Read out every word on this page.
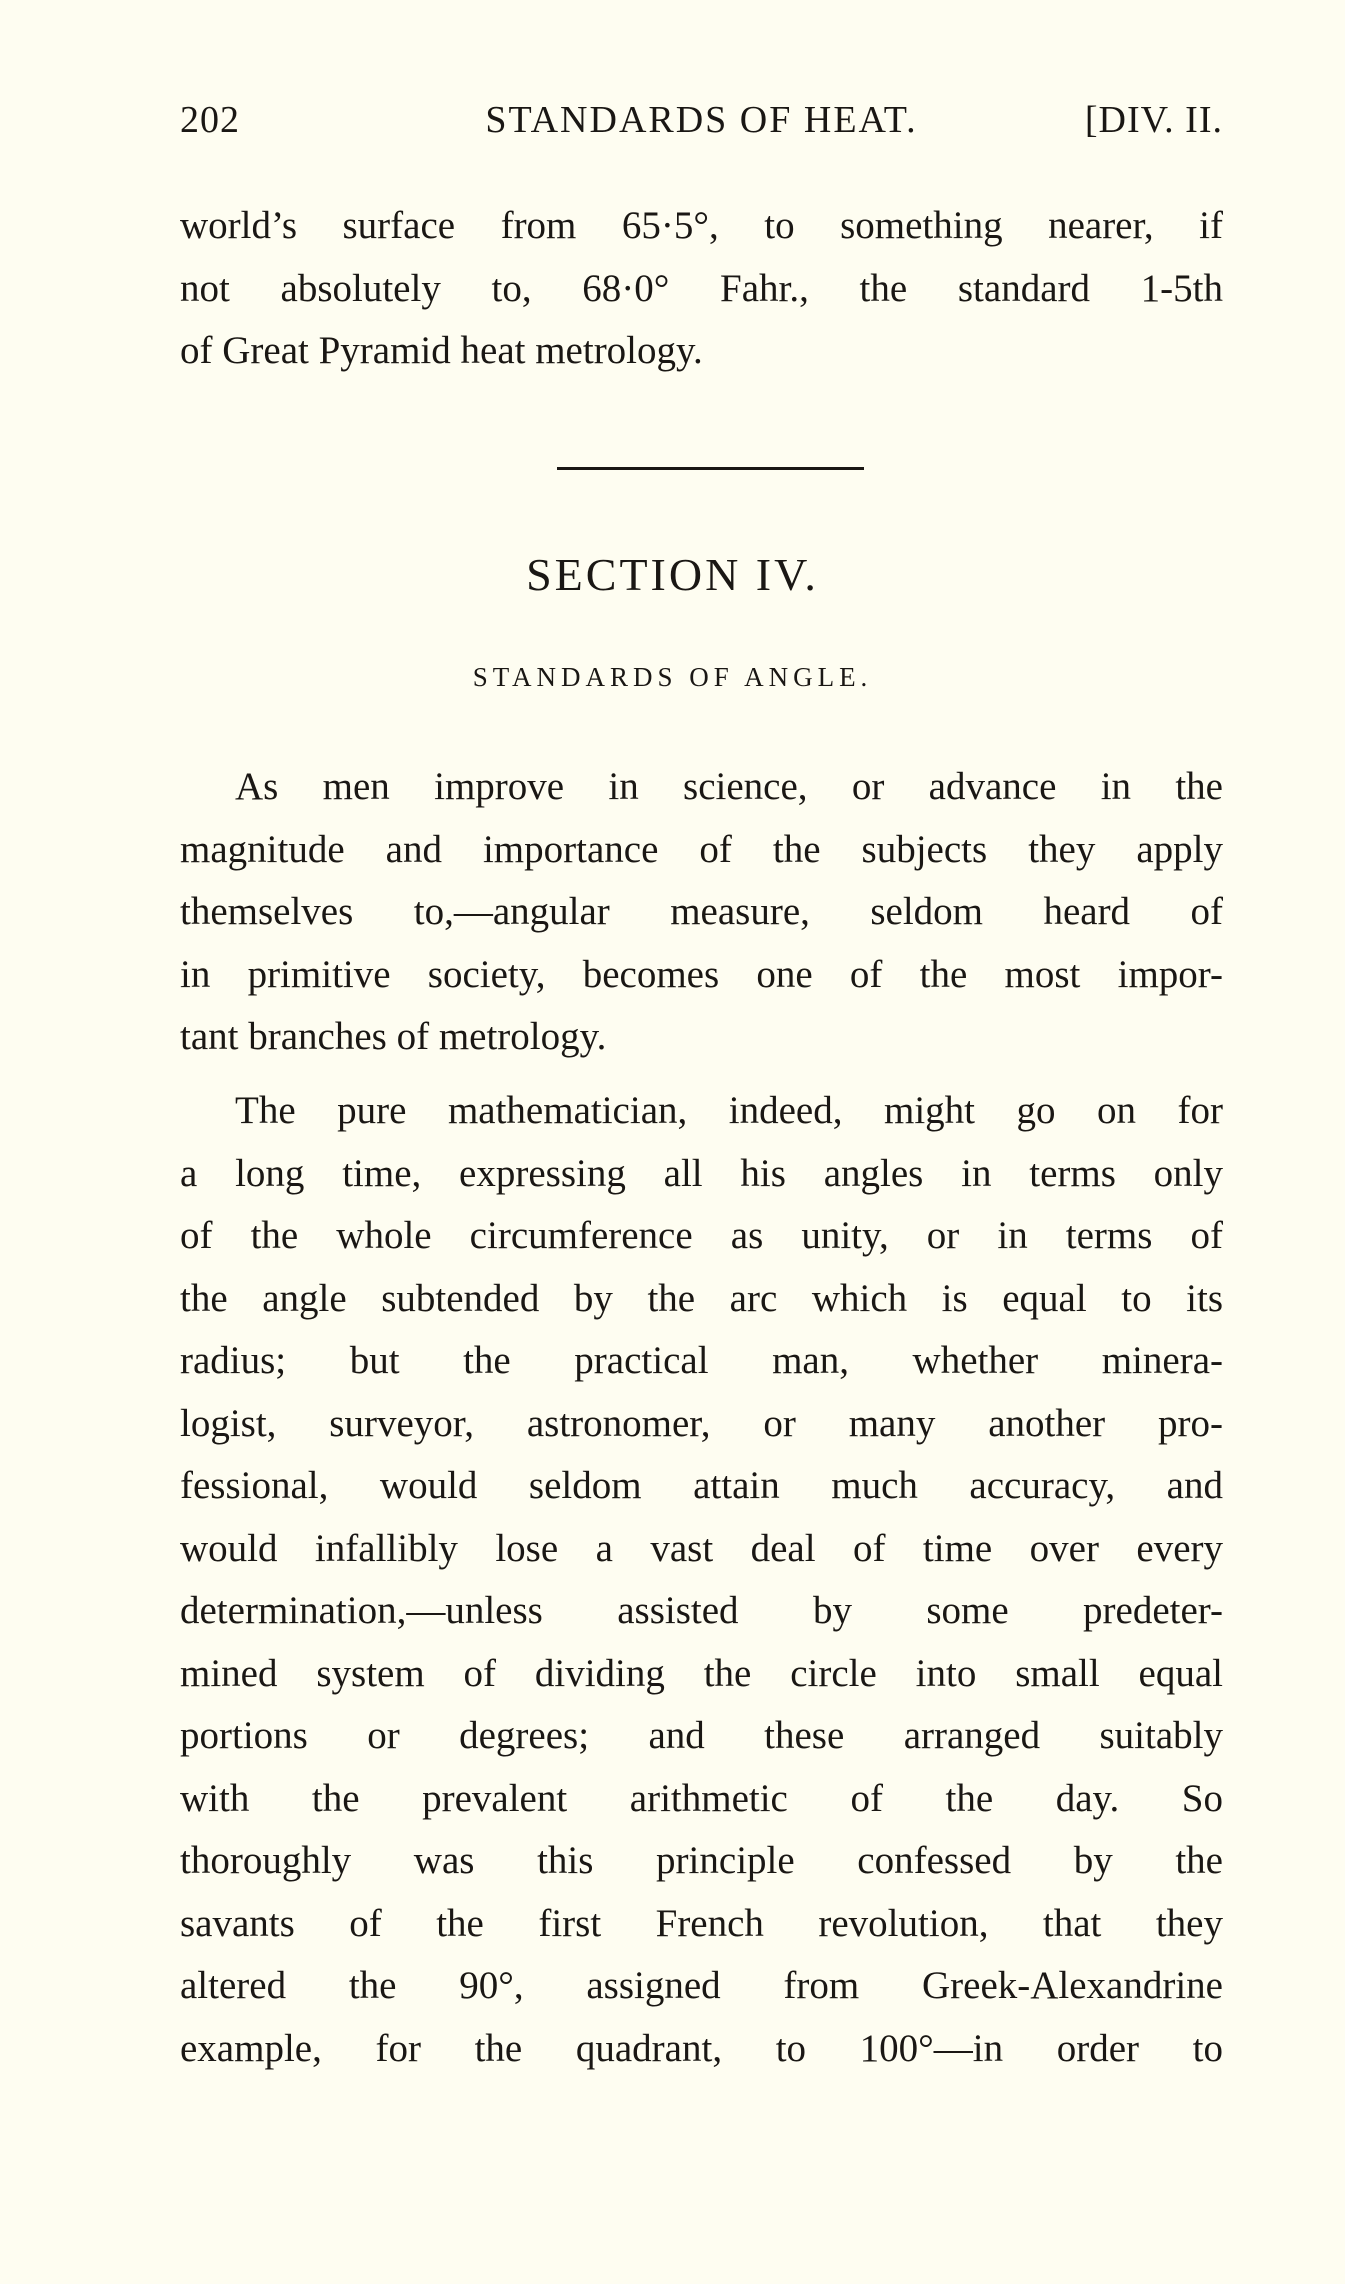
202	STANDARDS OF HEAT.	[DIV. II.
world’s surface from 65·5°, to something nearer, if
not absolutely to, 68·0° Fahr., the standard 1-5th
of Great Pyramid heat metrology.
SECTION IV.
STANDARDS OF ANGLE.
As men improve in science, or advance in the
magnitude and importance of the subjects they apply
themselves to,—angular measure, seldom heard of
in primitive society, becomes one of the most impor-
tant branches of metrology.
The pure mathematician, indeed, might go on for
a long time, expressing all his angles in terms only
of the whole circumference as unity, or in terms of
the angle subtended by the arc which is equal to its
radius; but the practical man, whether minera-
logist, surveyor, astronomer, or many another pro-
fessional, would seldom attain much accuracy, and
would infallibly lose a vast deal of time over every
determination,—unless assisted by some predeter-
mined system of dividing the circle into small equal
portions or degrees; and these arranged suitably
with the prevalent arithmetic of the day. So
thoroughly was this principle confessed by the
savants of the first French revolution, that they
altered the 90°, assigned from Greek-Alexandrine
example, for the quadrant, to 100°—in order to
